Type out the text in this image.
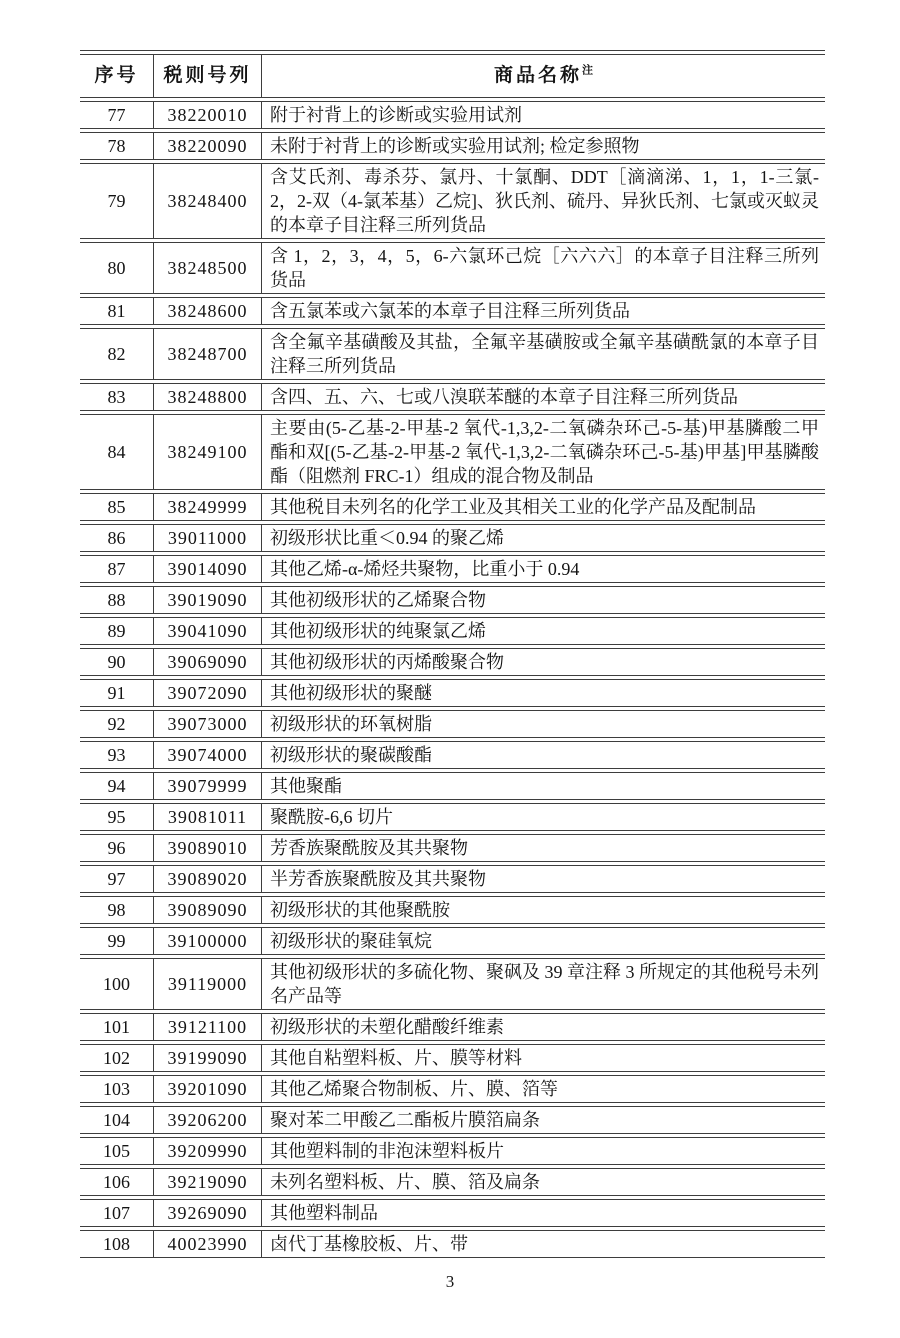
序号	税则号列	商品名称$^注$
77	38220010	附于衬背上的诊断或实验用试剂
78	38220090	未附于衬背上的诊断或实验用试剂; 检定参照物
79	38248400	含艾氏剂、毒杀芬、氯丹、十氯酮、DDT［滴滴涕、1，1，1-三氯-2，2-双（4-氯苯基）乙烷]、狄氏剂、硫丹、异狄氏剂、七氯或灭蚁灵的本章子目注释三所列货品
80	38248500	含 1，2，3，4，5，6-六氯环己烷［六六六］的本章子目注释三所列货品
81	38248600	含五氯苯或六氯苯的本章子目注释三所列货品
82	38248700	含全氟辛基磺酸及其盐，全氟辛基磺胺或全氟辛基磺酰氯的本章子目注释三所列货品
83	38248800	含四、五、六、七或八溴联苯醚的本章子目注释三所列货品
84	38249100	主要由(5-乙基-2-甲基-2 氧代-1,3,2-二氧磷杂环己-5-基)甲基膦酸二甲酯和双[(5-乙基-2-甲基-2 氧代-1,3,2-二氧磷杂环己-5-基)甲基]甲基膦酸酯（阻燃剂 FRC-1）组成的混合物及制品
85	38249999	其他税目未列名的化学工业及其相关工业的化学产品及配制品
86	39011000	初级形状比重＜0.94 的聚乙烯
87	39014090	其他乙烯-α-烯烃共聚物，比重小于 0.94
88	39019090	其他初级形状的乙烯聚合物
89	39041090	其他初级形状的纯聚氯乙烯
90	39069090	其他初级形状的丙烯酸聚合物
91	39072090	其他初级形状的聚醚
92	39073000	初级形状的环氧树脂
93	39074000	初级形状的聚碳酸酯
94	39079999	其他聚酯
95	39081011	聚酰胺-6,6 切片
96	39089010	芳香族聚酰胺及其共聚物
97	39089020	半芳香族聚酰胺及其共聚物
98	39089090	初级形状的其他聚酰胺
99	39100000	初级形状的聚硅氧烷
100	39119000	其他初级形状的多硫化物、聚砜及 39 章注释 3 所规定的其他税号未列名产品等
101	39121100	初级形状的未塑化醋酸纤维素
102	39199090	其他自粘塑料板、片、膜等材料
103	39201090	其他乙烯聚合物制板、片、膜、箔等
104	39206200	聚对苯二甲酸乙二酯板片膜箔扁条
105	39209990	其他塑料制的非泡沫塑料板片
106	39219090	未列名塑料板、片、膜、箔及扁条
107	39269090	其他塑料制品
108	40023990	卤代丁基橡胶板、片、带
3
